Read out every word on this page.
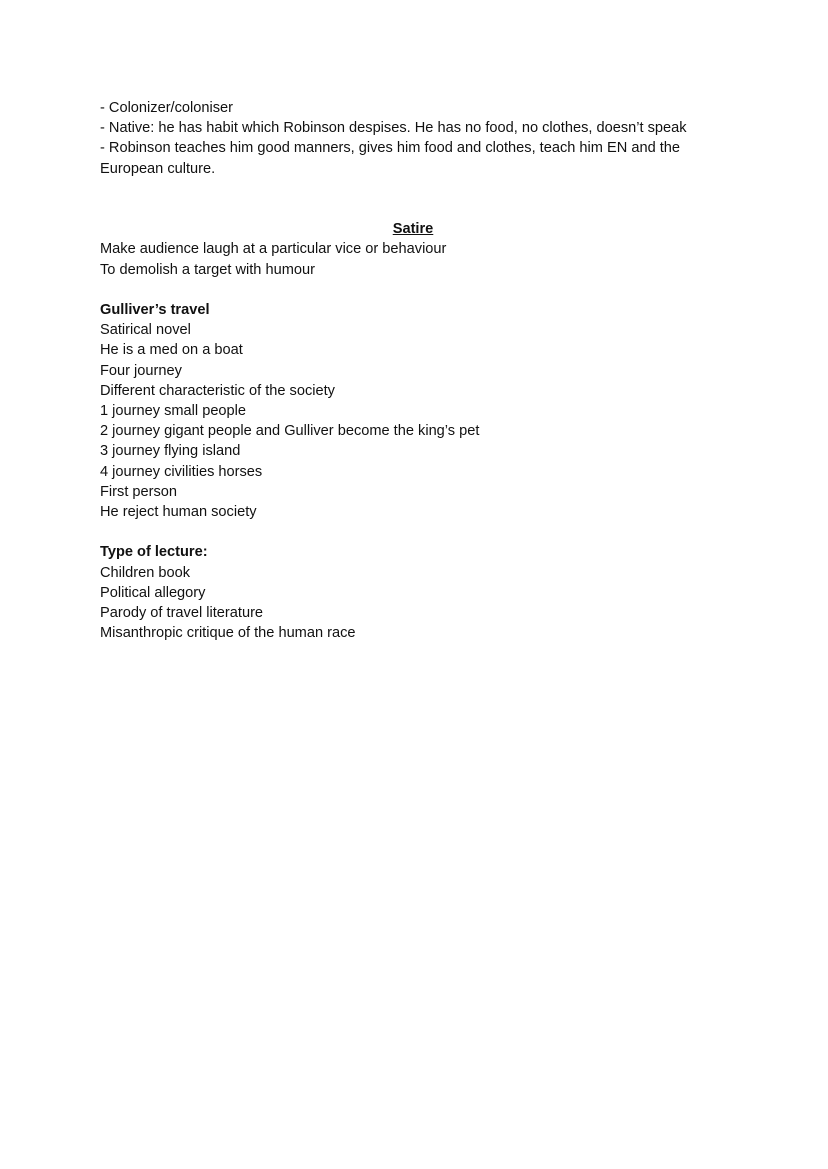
- Colonizer/coloniser

- Native: he has habit which Robinson despises. He has no food, no clothes, doesn’t speak

- Robinson teaches him good manners, gives him food and clothes, teach him EN and the

European culture.

Satire

Make audience laugh at a particular vice or behaviour

To demolish a target with humour

Gulliver’s travel

Satirical novel

He is a med on a boat

Four journey

Different characteristic of the society

1 journey small people

2 journey gigant people and Gulliver become the king’s pet

3 journey flying island

4 journey civilities horses

First person

He reject human society

Type of lecture:

Children book

Political allegory

Parody of travel literature

Misanthropic critique of the human race
